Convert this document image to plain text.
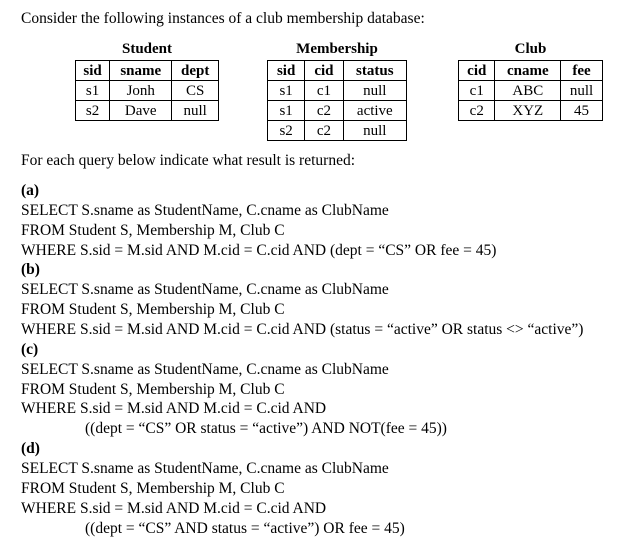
Consider the following instances of a club membership database:
Student
sid	sname	dept
s1	Jonh	CS
s2	Dave	null
Membership
sid	cid	status
s1	c1	null
s1	c2	active
s2	c2	null
Club
cid	cname	fee
c1	ABC	null
c2	XYZ	45
For each query below indicate what result is returned:
(a)
SELECT S.sname as StudentName, C.cname as ClubName
FROM Student S, Membership M, Club C
WHERE S.sid = M.sid AND M.cid = C.cid AND (dept = “CS” OR fee = 45)
(b)
SELECT S.sname as StudentName, C.cname as ClubName
FROM Student S, Membership M, Club C
WHERE S.sid = M.sid AND M.cid = C.cid AND (status = “active” OR status <> “active”)
(c)
SELECT S.sname as StudentName, C.cname as ClubName
FROM Student S, Membership M, Club C
WHERE S.sid = M.sid AND M.cid = C.cid AND
((dept = “CS” OR status = “active”) AND NOT(fee = 45))
(d)
SELECT S.sname as StudentName, C.cname as ClubName
FROM Student S, Membership M, Club C
WHERE S.sid = M.sid AND M.cid = C.cid AND
((dept = “CS” AND status = “active”) OR fee = 45)
